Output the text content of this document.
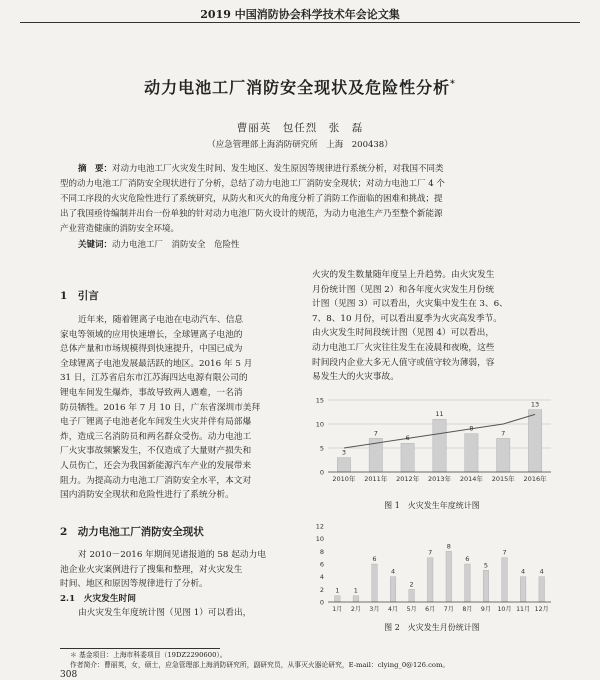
2019 中国消防协会科学技术年会论文集
动力电池工厂消防安全现状及危险性分析*
曹丽英　包任烈　张　磊
（应急管理部上海消防研究所　上海　200438）
摘　要：对动力电池工厂火灾发生时间、发生地区、发生原因等规律进行系统分析，对我国不同类
型的动力电池工厂消防安全现状进行了分析，总结了动力电池工厂消防安全现状；对动力电池工厂 4 个
不同工序段的火灾危险性进行了系统研究，从防火和灭火的角度分析了消防工作面临的困难和挑战；提
出了我国亟待编制并出台一份单独的针对动力电池厂防火设计的规范，为动力电池生产乃至整个新能源
产业营造健康的消防安全环境。
关键词：动力电池工厂　消防安全　危险性
1　引言
近年来，随着锂离子电池在电动汽车、信息
家电等领域的应用快速增长，全球锂离子电池的
总体产量和市场规模得到快速提升，中国已成为
全球锂离子电池发展最活跃的地区。2016 年 5 月
31 日，江苏省启东市江苏海四达电源有限公司的
锂电车间发生爆炸，事故导致两人遇难，一名消
防员牺牲。2016 年 7 月 10 日，广东省深圳市美拜
电子厂锂离子电池老化车间发生火灾并伴有局部爆
炸，造成三名消防员和两名群众受伤。动力电池工
厂火灾事故频繁发生，不仅造成了大量财产损失和
人员伤亡，还会为我国新能源汽车产业的发展带来
阻力。为提高动力电池工厂消防安全水平，本文对
国内消防安全现状和危险性进行了系统分析。
2　动力电池工厂消防安全现状
对 2010－2016 年期间见诸报道的 58 起动力电
池企业火灾案例进行了搜集和整理，对火灾发生
时间、地区和原因等规律进行了分析。
2.1　火灾发生时间
由火灾发生年度统计图（见图 1）可以看出，
火灾的发生数量随年度呈上升趋势。由火灾发生
月份统计图（见图 2）和各年度火灾发生月份统
计图（见图 3）可以看出，火灾集中发生在 3、6、
7、8、10 月份，可以看出夏季为火灾高发季节。
由火灾发生时间段统计图（见图 4）可以看出，
动力电池工厂火灾往往发生在凌晨和夜晚，这些
时间段内企业大多无人值守或值守较为薄弱，容
易发生大的火灾事故。
0
5
10
15
3
2010年
7
2011年
6
2012年
11
2013年
8
2014年
7
2015年
13
2016年
图 1　火灾发生年度统计图
0
2
4
6
8
10
12
1
1月
1
2月
6
3月
4
4月
2
5月
7
6月
8
7月
6
8月
5
9月
7
10月
4
11月
4
12月
图 2　火灾发生月份统计图
＊ 基金项目：上海市科委项目（19DZ2290600）。
作者简介：曹丽英，女，硕士，应急管理部上海消防研究所，副研究员，从事灭火器论研究，E-mail：clying_0@126.com。
308
